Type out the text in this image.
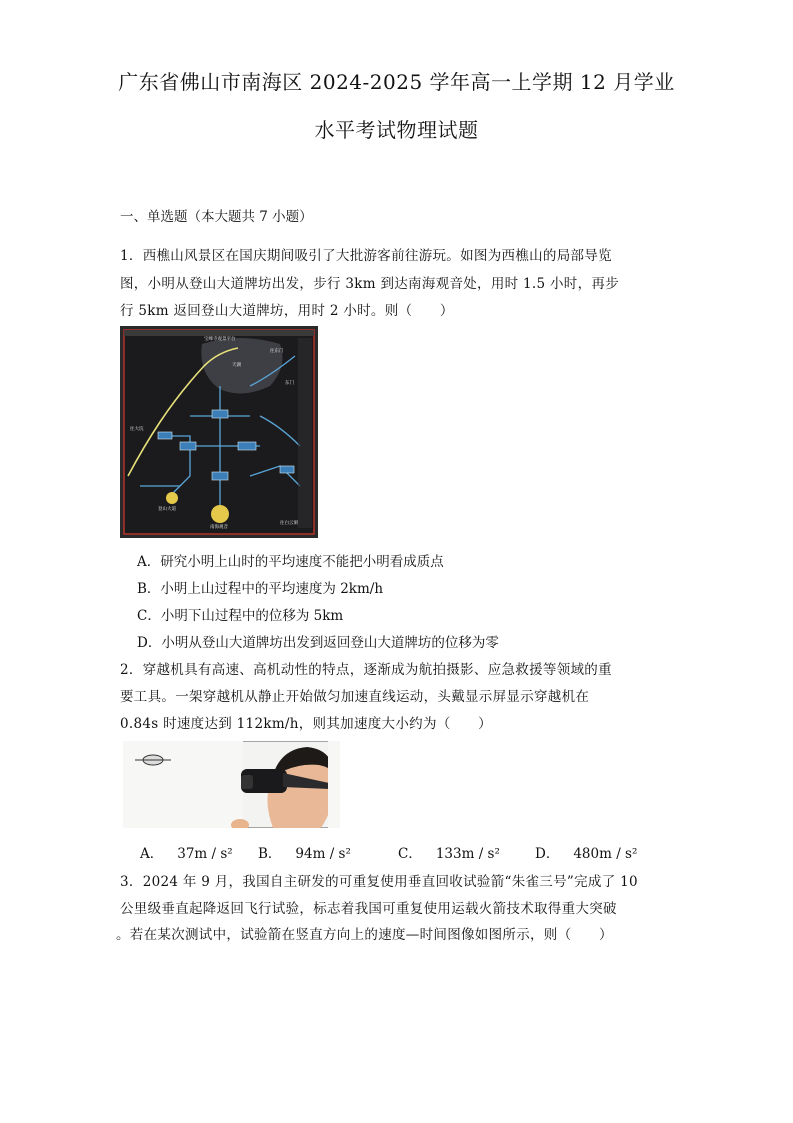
广东省佛山市南海区 2024-2025 学年高一上学期 12 月学业
水平考试物理试题
一、单选题（本大题共 7 小题）
1．西樵山风景区在国庆期间吸引了大批游客前往游玩。如图为西樵山的局部导览
图，小明从登山大道牌坊出发，步行 3km 到达南海观音处，用时 1.5 小时，再步
行 5km 返回登山大道牌坊，用时 2 小时。则（　　）
宝峰寺观景平台
往东门
东门
天湖
往大坑
南海观音
登山大道
往白云洞
A．研究小明上山时的平均速度不能把小明看成质点
B．小明上山过程中的平均速度为 2km/h
C．小明下山过程中的位移为 5km
D．小明从登山大道牌坊出发到返回登山大道牌坊的位移为零
2．穿越机具有高速、高机动性的特点，逐渐成为航拍摄影、应急救援等领域的重
要工具。一架穿越机从静止开始做匀加速直线运动，头戴显示屏显示穿越机在
0.84s 时速度达到 112km/h，则其加速度大小约为（　　）
A． 37m / s² B． 94m / s²	C． 133m / s²	D． 480m / s²
3．2024 年 9 月，我国自主研发的可重复使用垂直回收试验箭“朱雀三号”完成了 10
公里级垂直起降返回飞行试验，标志着我国可重复使用运载火箭技术取得重大突破
。若在某次测试中，试验箭在竖直方向上的速度—时间图像如图所示，则（　　）
